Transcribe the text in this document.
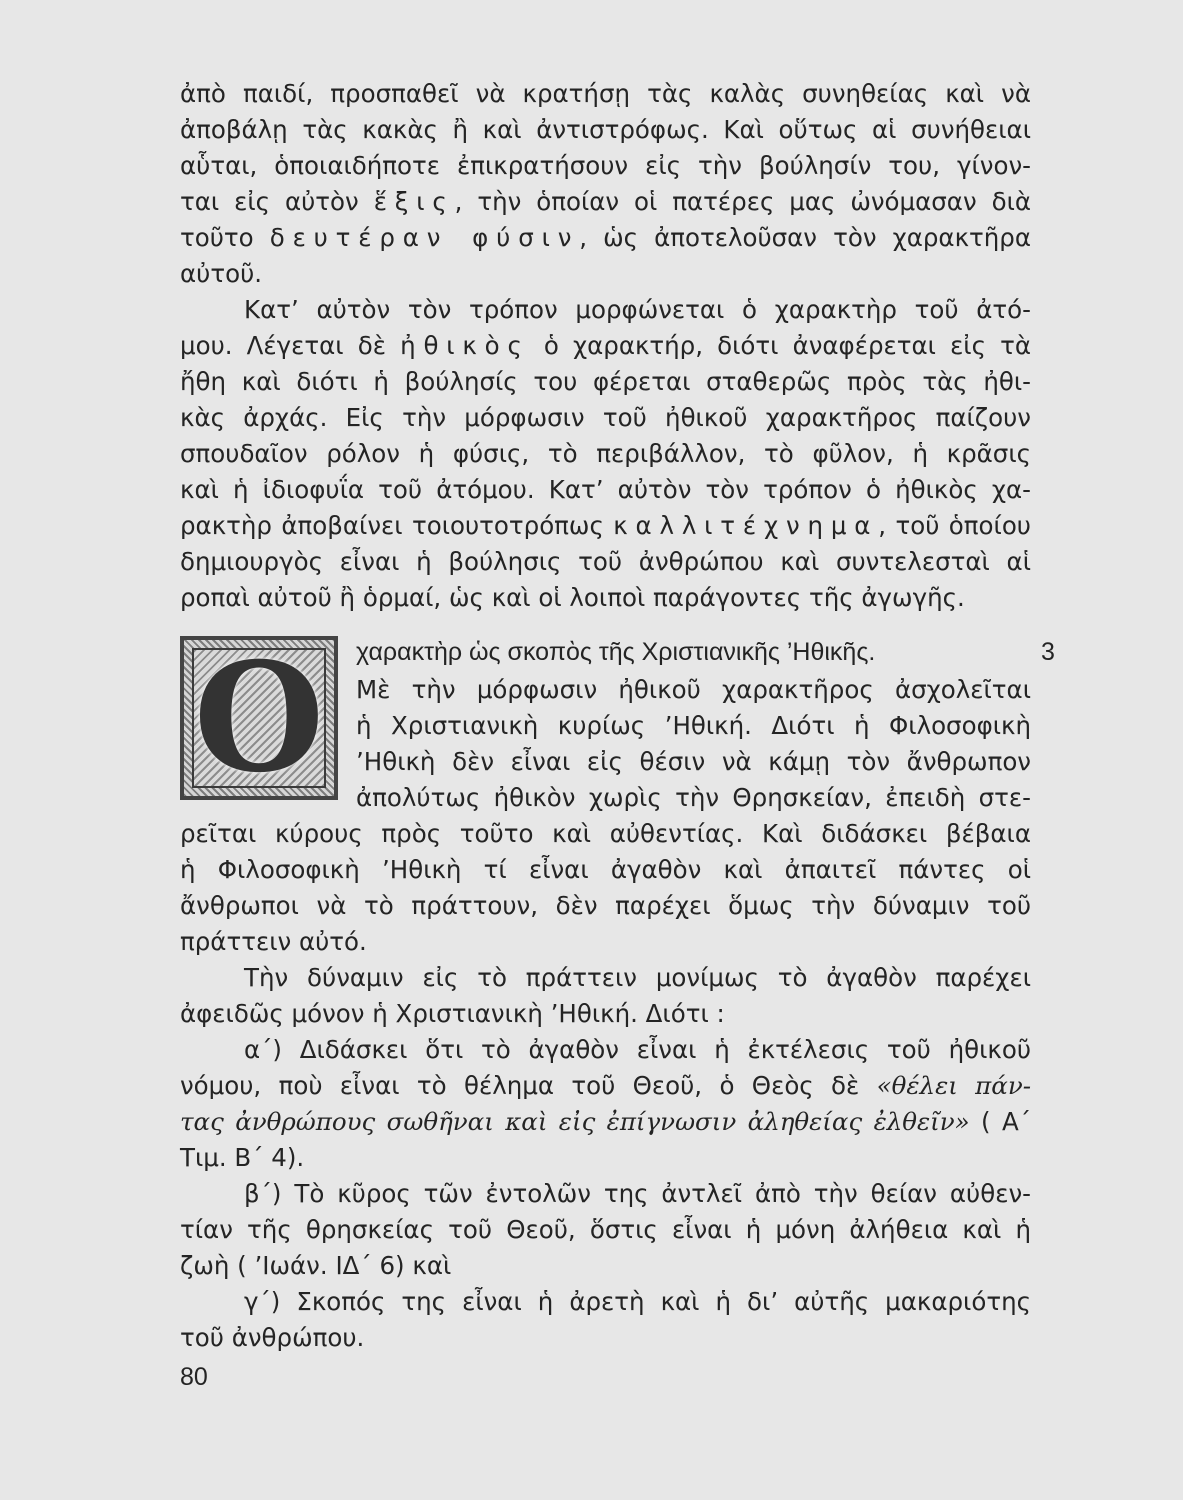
ἀπὸ παιδί, προσπαθεῖ νὰ κρατήσῃ τὰς καλὰς συνηθείας καὶ νὰ
ἀποβάλῃ τὰς κακὰς ἢ καὶ ἀντιστρόφως. Καὶ οὕτως αἱ συνήθειαι
αὗται, ὁποιαιδήποτε ἐπικρατήσουν εἰς τὴν βούλησίν του, γίνον-
ται εἰς αὐτὸν ἕξις, τὴν ὁποίαν οἱ πατέρες μας ὠνόμασαν διὰ
τοῦτο δευτέραν φύσιν, ὡς ἀποτελοῦσαν τὸν χαρακτῆρα
αὐτοῦ.
Κατ’ αὐτὸν τὸν τρόπον μορφώνεται ὁ χαρακτὴρ τοῦ ἀτό-
μου. Λέγεται δὲ ἠθικὸς ὁ χαρακτήρ, διότι ἀναφέρεται εἰς τὰ
ἤθη καὶ διότι ἡ βούλησίς του φέρεται σταθερῶς πρὸς τὰς ἠθι-
κὰς ἀρχάς. Εἰς τὴν μόρφωσιν τοῦ ἠθικοῦ χαρακτῆρος παίζουν
σπουδαῖον ρόλον ἡ φύσις, τὸ περιβάλλον, τὸ φῦλον, ἡ κρᾶσις
καὶ ἡ ἰδιοφυΐα τοῦ ἀτόμου. Κατ’ αὐτὸν τὸν τρόπον ὁ ἠθικὸς χα-
ρακτὴρ ἀποβαίνει τοιουτοτρόπως καλλιτέχνημα, τοῦ ὁποίου
δημιουργὸς εἶναι ἡ βούλησις τοῦ ἀνθρώπου καὶ συντελεσταὶ αἱ
ροπαὶ αὐτοῦ ἢ ὁρμαί, ὡς καὶ οἱ λοιποὶ παράγοντες τῆς ἀγωγῆς.
O	χαρακτὴρ ὡς σκοπὸς τῆς Χριστιανικῆς ’Ηθικῆς.	3
Μὲ τὴν μόρφωσιν ἠθικοῦ χαρακτῆρος ἀσχολεῖται
ἡ Χριστιανικὴ κυρίως ’Ηθική. Διότι ἡ Φιλοσοφικὴ
’Ηθικὴ δὲν εἶναι εἰς θέσιν νὰ κάμῃ τὸν ἄνθρωπον
ἀπολύτως ἠθικὸν χωρὶς τὴν Θρησκείαν, ἐπειδὴ στε-
ρεῖται κύρους πρὸς τοῦτο καὶ αὐθεντίας. Καὶ διδάσκει βέβαια
ἡ Φιλοσοφικὴ ’Ηθικὴ τί εἶναι ἀγαθὸν καὶ ἀπαιτεῖ πάντες οἱ
ἄνθρωποι νὰ τὸ πράττουν, δὲν παρέχει ὅμως τὴν δύναμιν τοῦ
πράττειν αὐτό.
Τὴν δύναμιν εἰς τὸ πράττειν μονίμως τὸ ἀγαθὸν παρέχει
ἀφειδῶς μόνον ἡ Χριστιανικὴ ’Ηθική. Διότι :
α΄) Διδάσκει ὅτι τὸ ἀγαθὸν εἶναι ἡ ἐκτέλεσις τοῦ ἠθικοῦ
νόμου, ποὺ εἶναι τὸ θέλημα τοῦ Θεοῦ, ὁ Θεὸς δὲ «θέλει πάν-
τας ἀνθρώπους σωθῆναι καὶ εἰς ἐπίγνωσιν ἀληθείας ἐλθεῖν» ( Α΄
Τιμ. Β΄ 4).
β΄) Τὸ κῦρος τῶν ἐντολῶν της ἀντλεῖ ἀπὸ τὴν θείαν αὐθεν-
τίαν τῆς θρησκείας τοῦ Θεοῦ, ὅστις εἶναι ἡ μόνη ἀλήθεια καὶ ἡ
ζωὴ ( ’Ιωάν. ΙΔ΄ 6) καὶ
γ΄) Σκοπός της εἶναι ἡ ἀρετὴ καὶ ἡ δι’ αὐτῆς μακαριότης
τοῦ ἀνθρώπου.
80
